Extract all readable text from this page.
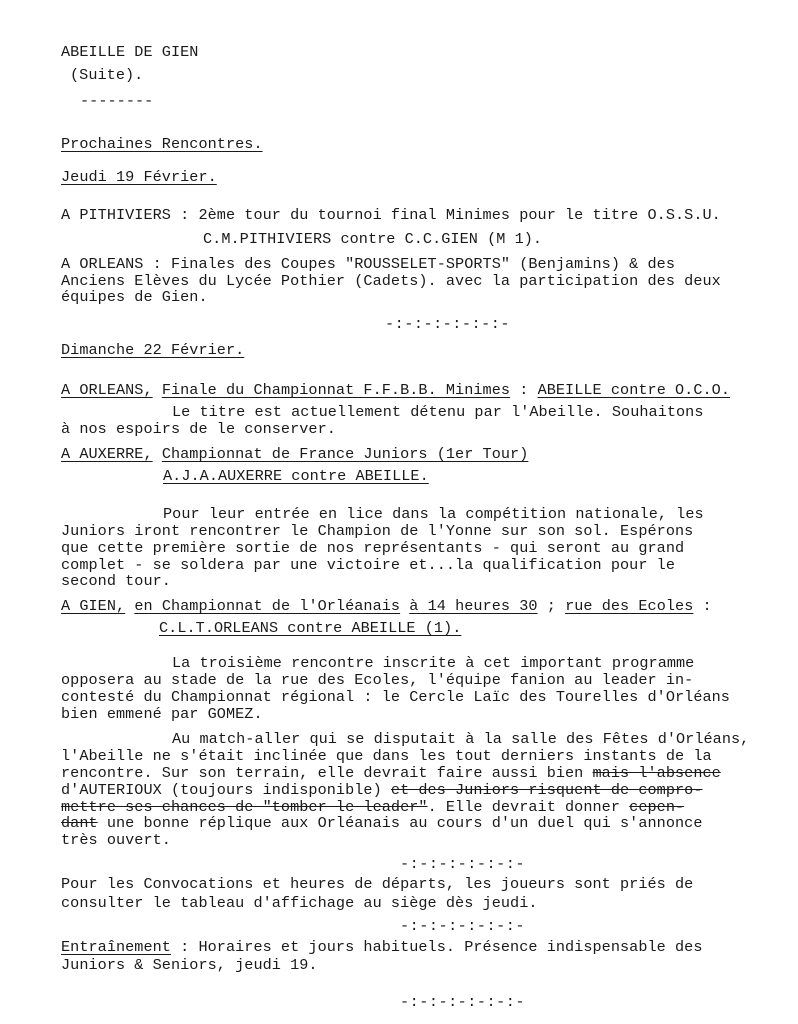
ABEILLE DE GIEN
(Suite).
--------
Prochaines Rencontres.
Jeudi 19 Février.
A PITHIVIERS : 2ème tour du tournoi final Minimes pour le titre O.S.S.U.
C.M.PITHIVIERS contre C.C.GIEN (M 1).
A ORLEANS : Finales des Coupes "ROUSSELET-SPORTS" (Benjamins) & des
Anciens Elèves du Lycée Pothier (Cadets). avec la participation des deux
équipes de Gien.
-:-:-:-:-:-:-
Dimanche 22 Février.
A ORLEANS, Finale du Championnat F.F.B.B. Minimes : ABEILLE contre O.C.O.
Le titre est actuellement détenu par l'Abeille. Souhaitons
à nos espoirs de le conserver.
A AUXERRE, Championnat de France Juniors (1er Tour)
A.J.A.AUXERRE contre ABEILLE.
Pour leur entrée en lice dans la compétition nationale, les
Juniors iront rencontrer le Champion de l'Yonne sur son sol. Espérons
que cette première sortie de nos représentants - qui seront au grand
complet - se soldera par une victoire et...la qualification pour le
second tour.
A GIEN, en Championnat de l'Orléanais à 14 heures 30 ; rue des Ecoles :
C.L.T.ORLEANS contre ABEILLE (1).
La troisième rencontre inscrite à cet important programme
opposera au stade de la rue des Ecoles, l'équipe fanion au leader in-
contesté du Championnat régional : le Cercle Laïc des Tourelles d'Orléans
bien emmené par GOMEZ.
Au match-aller qui se disputait à la salle des Fêtes d'Orléans,
l'Abeille ne s'était inclinée que dans les tout derniers instants de la
rencontre. Sur son terrain, elle devrait faire aussi bien mais l'absence
d'AUTERIOUX (toujours indisponible) et des Juniors risquent de compro-
mettre ses chances de "tomber le leader". Elle devrait donner cepen-
dant une bonne réplique aux Orléanais au cours d'un duel qui s'annonce
très ouvert.
-:-:-:-:-:-:-
Pour les Convocations et heures de départs, les joueurs sont priés de
consulter le tableau d'affichage au siège dès jeudi.
-:-:-:-:-:-:-
Entraînement : Horaires et jours habituels. Présence indispensable des
Juniors & Seniors, jeudi 19.
-:-:-:-:-:-:-
